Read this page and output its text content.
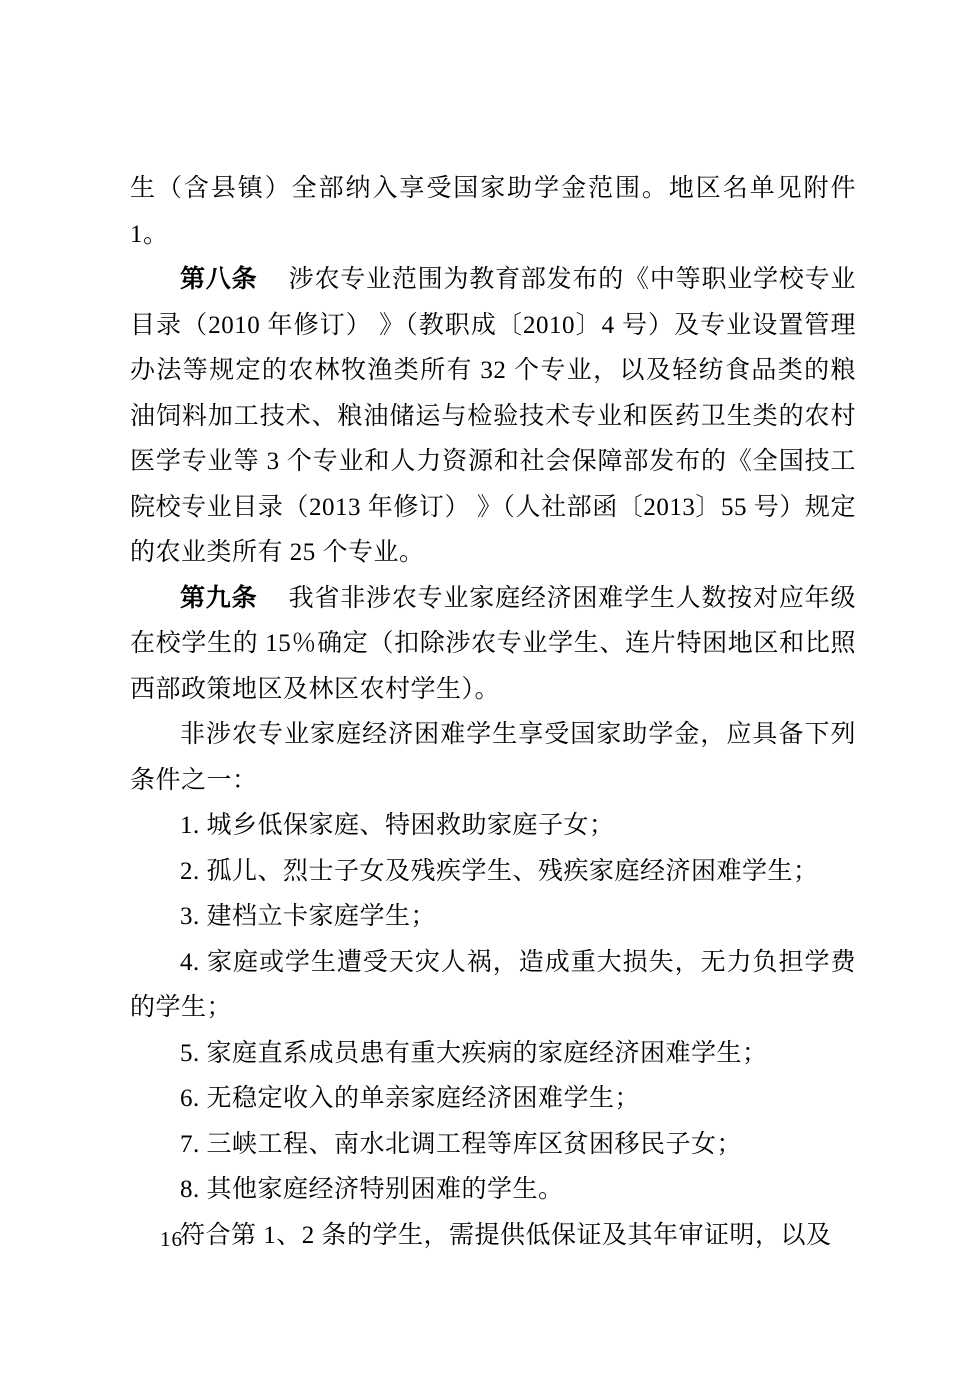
生（含县镇）全部纳入享受国家助学金范围。地区名单见附件 1。

第八条 涉农专业范围为教育部发布的《中等职业学校专业目录（2010 年修订） 》（教职成〔2010〕4 号）及专业设置管理办法等规定的农林牧渔类所有 32 个专业，以及轻纺食品类的粮油饲料加工技术、粮油储运与检验技术专业和医药卫生类的农村医学专业等 3 个专业和人力资源和社会保障部发布的《全国技工院校专业目录（2013 年修订） 》（人社部函〔2013〕55 号）规定的农业类所有 25 个专业。

第九条 我省非涉农专业家庭经济困难学生人数按对应年级在校学生的 15％确定（扣除涉农专业学生、连片特困地区和比照西部政策地区及林区农村学生）。

非涉农专业家庭经济困难学生享受国家助学金，应具备下列条件之一：

1. 城乡低保家庭、特困救助家庭子女；

2. 孤儿、烈士子女及残疾学生、残疾家庭经济困难学生；

3. 建档立卡家庭学生；

4. 家庭或学生遭受天灾人祸，造成重大损失，无力负担学费的学生；

5. 家庭直系成员患有重大疾病的家庭经济困难学生；

6. 无稳定收入的单亲家庭经济困难学生；

7. 三峡工程、南水北调工程等库区贫困移民子女；

8. 其他家庭经济特别困难的学生。

符合第 1、2 条的学生，需提供低保证及其年审证明，以及

16
